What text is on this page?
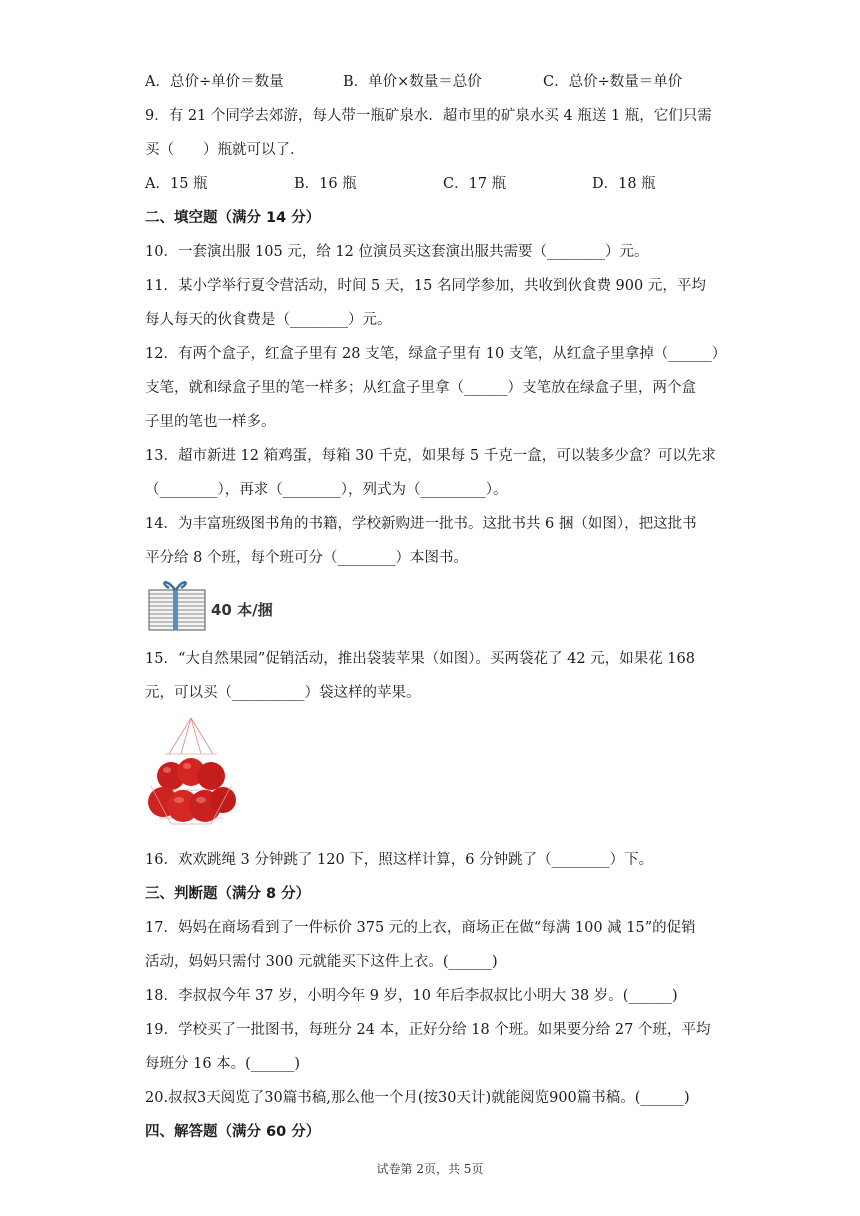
A．总价÷单价＝数量	B．单价×数量＝总价	C．总价÷数量＝单价
9．有 21 个同学去郊游，每人带一瓶矿泉水．超市里的矿泉水买 4 瓶送 1 瓶，它们只需
买（　　）瓶就可以了．
A．15 瓶	B．16 瓶	C．17 瓶	D．18 瓶
二、填空题（满分 14 分）
10．一套演出服 105 元，给 12 位演员买这套演出服共需要（________）元。
11．某小学举行夏令营活动，时间 5 天，15 名同学参加，共收到伙食费 900 元，平均
每人每天的伙食费是（________）元。
12．有两个盒子，红盒子里有 28 支笔，绿盒子里有 10 支笔，从红盒子里拿掉（______）
支笔，就和绿盒子里的笔一样多；从红盒子里拿（______）支笔放在绿盒子里，两个盒
子里的笔也一样多。
13．超市新进 12 箱鸡蛋，每箱 30 千克，如果每 5 千克一盒，可以装多少盒？可以先求
（________），再求（________），列式为（_________）。
14．为丰富班级图书角的书籍，学校新购进一批书。这批书共 6 捆（如图），把这批书
平分给 8 个班，每个班可分（________）本图书。
40 本/捆
15．“大自然果园”促销活动，推出袋装苹果（如图）。买两袋花了 42 元，如果花 168
元，可以买（__________）袋这样的苹果。
16．欢欢跳绳 3 分钟跳了 120 下，照这样计算，6 分钟跳了（________）下。
三、判断题（满分 8 分）
17．妈妈在商场看到了一件标价 375 元的上衣，商场正在做“每满 100 减 15”的促销
活动，妈妈只需付 300 元就能买下这件上衣。(______)
18．李叔叔今年 37 岁，小明今年 9 岁，10 年后李叔叔比小明大 38 岁。(______)
19．学校买了一批图书，每班分 24 本，正好分给 18 个班。如果要分给 27 个班，平均
每班分 16 本。(______)
20.叔叔3天阅览了30篇书稿,那么他一个月(按30天计)就能阅览900篇书稿。(______)
四、解答题（满分 60 分）
试卷第 2页，共 5页
